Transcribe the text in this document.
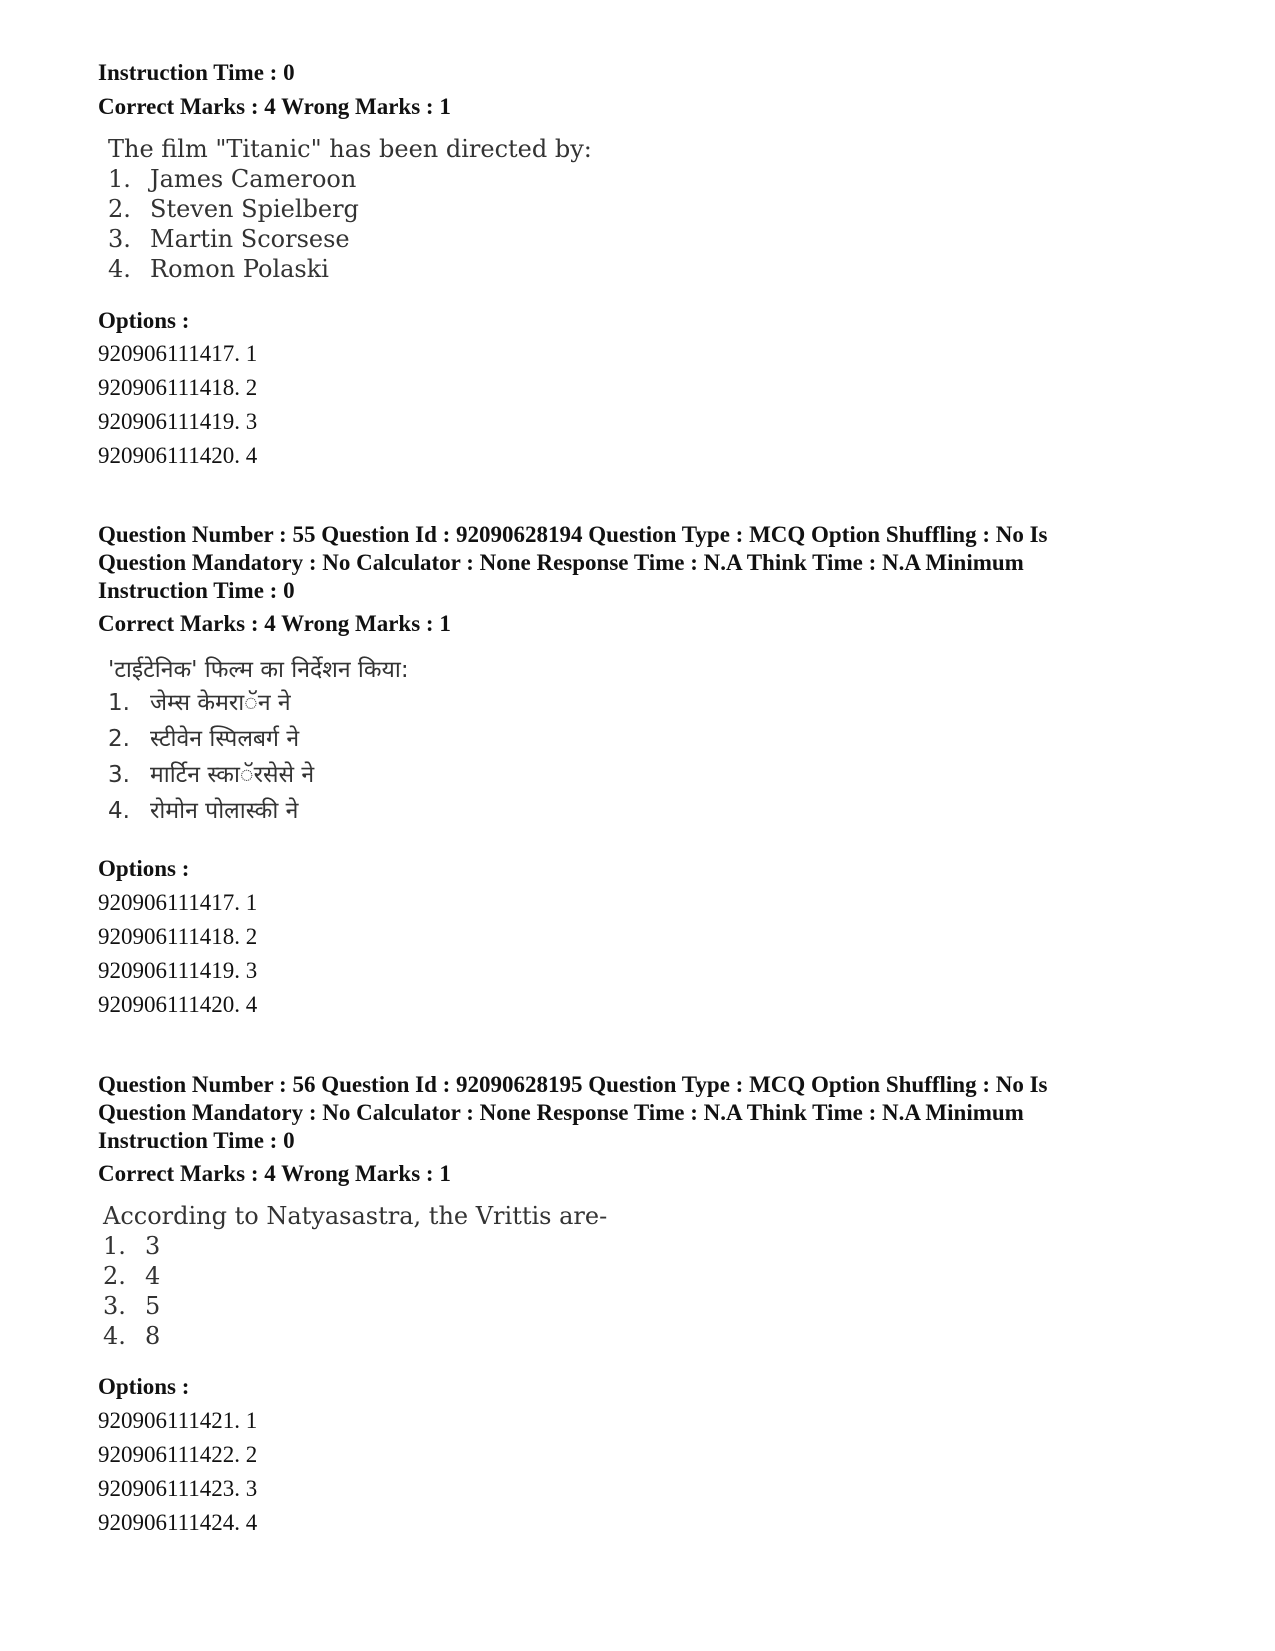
Instruction Time : 0
Correct Marks : 4 Wrong Marks : 1
The film "Titanic" has been directed by:
1. James Cameroon
2. Steven Spielberg
3. Martin Scorsese
4. Romon Polaski
Options :
920906111417. 1
920906111418. 2
920906111419. 3
920906111420. 4
Question Number : 55 Question Id : 92090628194 Question Type : MCQ Option Shuffling : No Is
Question Mandatory : No Calculator : None Response Time : N.A Think Time : N.A Minimum
Instruction Time : 0
Correct Marks : 4 Wrong Marks : 1
'टाईटेनिक' फिल्म का निर्देशन किया:
1. जेम्स केमरा◌ॅन ने
2. स्टीवेन स्पिलबर्ग ने
3. मार्टिन स्का◌ॅरसेसे ने
4. रोमोन पोलास्की ने
Options :
920906111417. 1
920906111418. 2
920906111419. 3
920906111420. 4
Question Number : 56 Question Id : 92090628195 Question Type : MCQ Option Shuffling : No Is
Question Mandatory : No Calculator : None Response Time : N.A Think Time : N.A Minimum
Instruction Time : 0
Correct Marks : 4 Wrong Marks : 1
According to Natyasastra, the Vrittis are-
1. 3
2. 4
3. 5
4. 8
Options :
920906111421. 1
920906111422. 2
920906111423. 3
920906111424. 4
